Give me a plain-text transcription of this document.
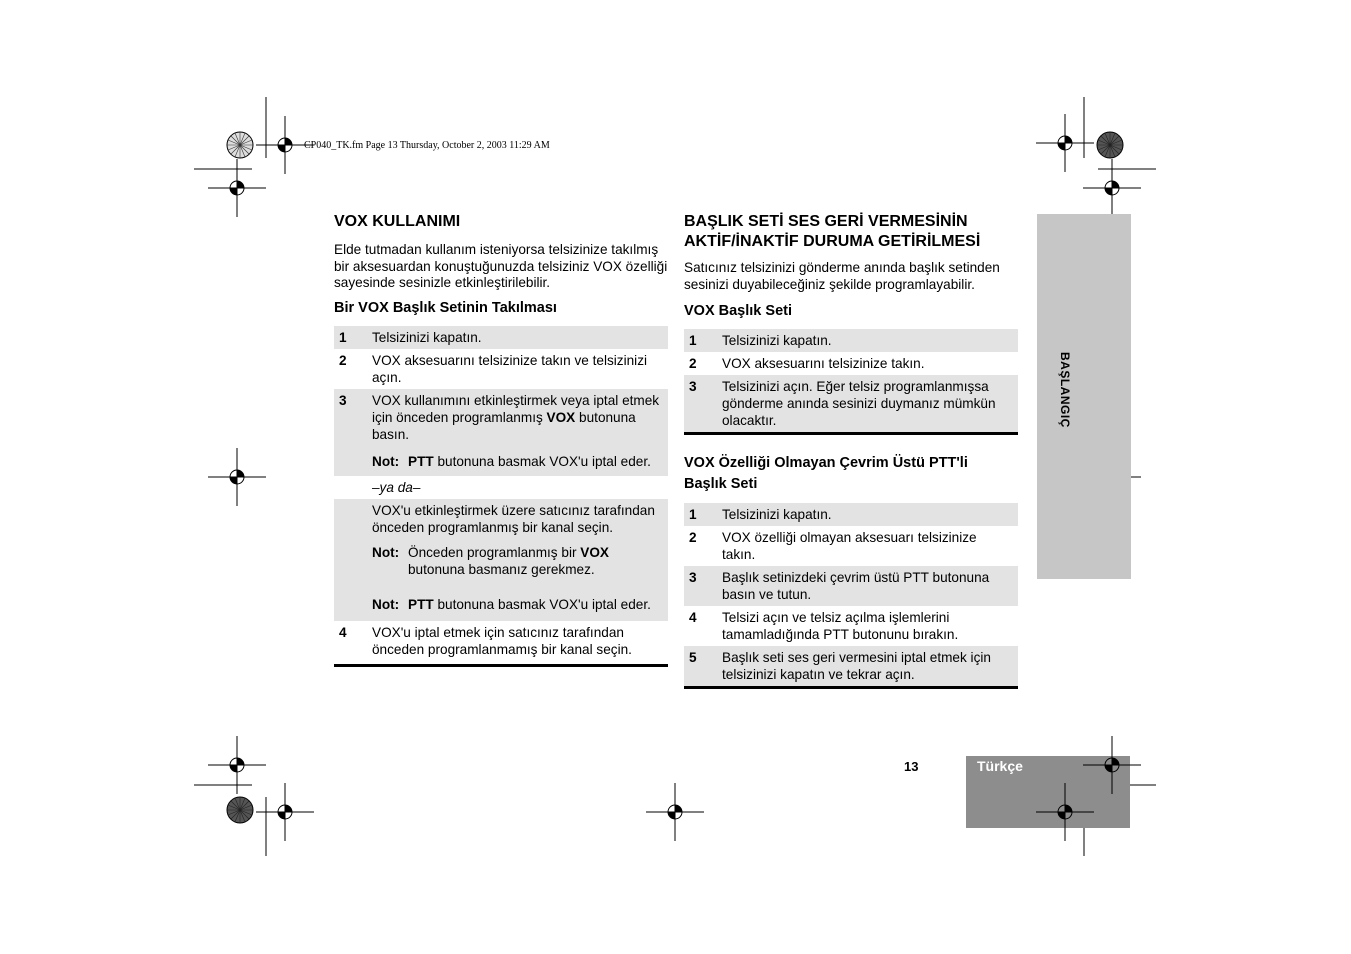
CP040_TK.fm Page 13 Thursday, October 2, 2003 11:29 AM
BAŞLANGIÇ
VOX KULLANIMI

Elde tutmadan kullanım isteniyorsa telsizinize takılmış bir aksesuardan konuştuğunuzda telsiziniz VOX özelliği sayesinde sesinizle etkinleştirilebilir.

Bir VOX Başlık Setinin Takılması
1	Telsizinizi kapatın.
2	VOX aksesuarını telsizinize takın ve telsizinizi açın.
3	VOX kullanımını etkinleştirmek veya iptal etmek için önceden programlanmış VOX butonuna basın.
Not: PTT butonuna basmak VOX'u iptal eder.

	–ya da–
	VOX'u etkinleştirmek üzere satıcınız tarafından önceden programlanmış bir kanal seçin.
Not: Önceden programlanmış bir VOX butonuna basmanız gerekmez.
Not: PTT butonuna basmak VOX'u iptal eder.

4	VOX'u iptal etmek için satıcınız tarafından önceden programlanmamış bir kanal seçin.
BAŞLIK SETİ SES GERİ VERMESİNİN AKTİF/İNAKTİF DURUMA GETİRİLMESİ

Satıcınız telsizinizi gönderme anında başlık setinden sesinizi duyabileceğiniz şekilde programlayabilir.

VOX Başlık Seti
1	Telsizinizi kapatın.
2	VOX aksesuarını telsizinize takın.
3	Telsizinizi açın. Eğer telsiz programlanmışsa gönderme anında sesinizi duymanız mümkün olacaktır.
VOX Özelliği Olmayan Çevrim Üstü PTT'li Başlık Seti
1	Telsizinizi kapatın.
2	VOX özelliği olmayan aksesuarı telsizinize takın.
3	Başlık setinizdeki çevrim üstü PTT butonuna basın ve tutun.
4	Telsizi açın ve telsiz açılma işlemlerini tamamladığında PTT butonunu bırakın.
5	Başlık seti ses geri vermesini iptal etmek için telsizinizi kapatın ve tekrar açın.
13	Türkçe
